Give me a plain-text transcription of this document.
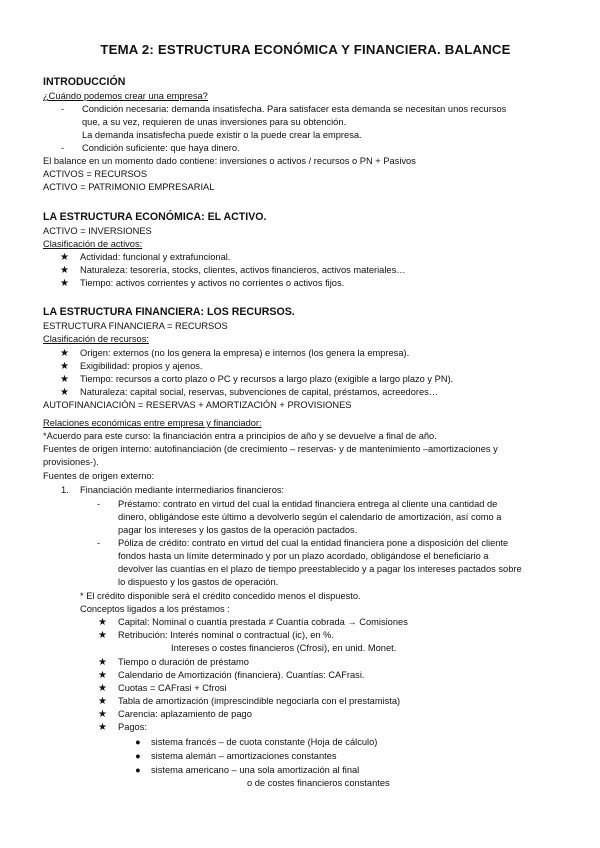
TEMA 2: ESTRUCTURA ECONÓMICA Y FINANCIERA. BALANCE
INTRODUCCIÓN
¿Cuándo podemos crear una empresa?
- Condición necesaria: demanda insatisfecha. Para satisfacer esta demanda se necesitan unos recursos
que, a su vez, requieren de unas inversiones para su obtención.
La demanda insatisfecha puede existir o la puede crear la empresa.
- Condición suficiente: que haya dinero.
El balance en un momento dado contiene: inversiones o activos / recursos o PN + Pasivos
ACTIVOS = RECURSOS
ACTIVO = PATRIMONIO EMPRESARIAL
LA ESTRUCTURA ECONÓMICA: EL ACTIVO.
ACTIVO = INVERSIONES
Clasificación de activos:
★ Actividad: funcional y extrafuncional.
★ Naturaleza: tesorería, stocks, clientes, activos financieros, activos materiales…
★ Tiempo: activos corrientes y activos no corrientes o activos fijos.
LA ESTRUCTURA FINANCIERA: LOS RECURSOS.
ESTRUCTURA FINANCIERA = RECURSOS
Clasificación de recursos:
★ Origen: externos (no los genera la empresa) e internos (los genera la empresa).
★ Exigibilidad: propios y ajenos.
★ Tiempo: recursos a corto plazo o PC y recursos a largo plazo (exigible a largo plazo y PN).
★ Naturaleza: capital social, reservas, subvenciones de capital, préstamos, acreedores…
AUTOFINANCIACIÓN = RESERVAS + AMORTIZACIÓN + PROVISIONES
Relaciones económicas entre empresa y financiador:
*Acuerdo para este curso: la financiación entra a principios de año y se devuelve a final de año.
Fuentes de origen interno: autofinanciación (de crecimiento – reservas- y de mantenimiento –amortizaciones y
provisiones-).
Fuentes de origen externo:
1. Financiación mediante intermediarios financieros:
- Préstamo: contrato en virtud del cual la entidad financiera entrega al cliente una cantidad de
dinero, obligándose este último a devolverlo según el calendario de amortización, así como a
pagar los intereses y los gastos de la operación pactados.
- Póliza de crédito: contrato en virtud del cual la entidad financiera pone a disposición del cliente
fondos hasta un límite determinado y por un plazo acordado, obligándose el beneficiario a
devolver las cuantías en el plazo de tiempo preestablecido y a pagar los intereses pactados sobre
lo dispuesto y los gastos de operación.
* El crédito disponible será el crédito concedido menos el dispuesto.
Conceptos ligados a los préstamos :
★ Capital: Nominal o cuantía prestada ≠ Cuantía cobrada → Comisiones
★ Retribución: Interés nominal o contractual (ic), en %.
Intereses o costes financieros (Cfrosi), en unid. Monet.
★ Tiempo o duración de préstamo
★ Calendario de Amortización (financiera). Cuantías: CAFrasi.
★ Cuotas = CAFrasi + Cfrosi
★ Tabla de amortización (imprescindible negociarla con el prestamista)
★ Carencia: aplazamiento de pago
★ Pagos:
● sistema francés – de cuota constante (Hoja de cálculo)
● sistema alemán – amortizaciones constantes
● sistema americano – una sola amortización al final
o de costes financieros constantes
